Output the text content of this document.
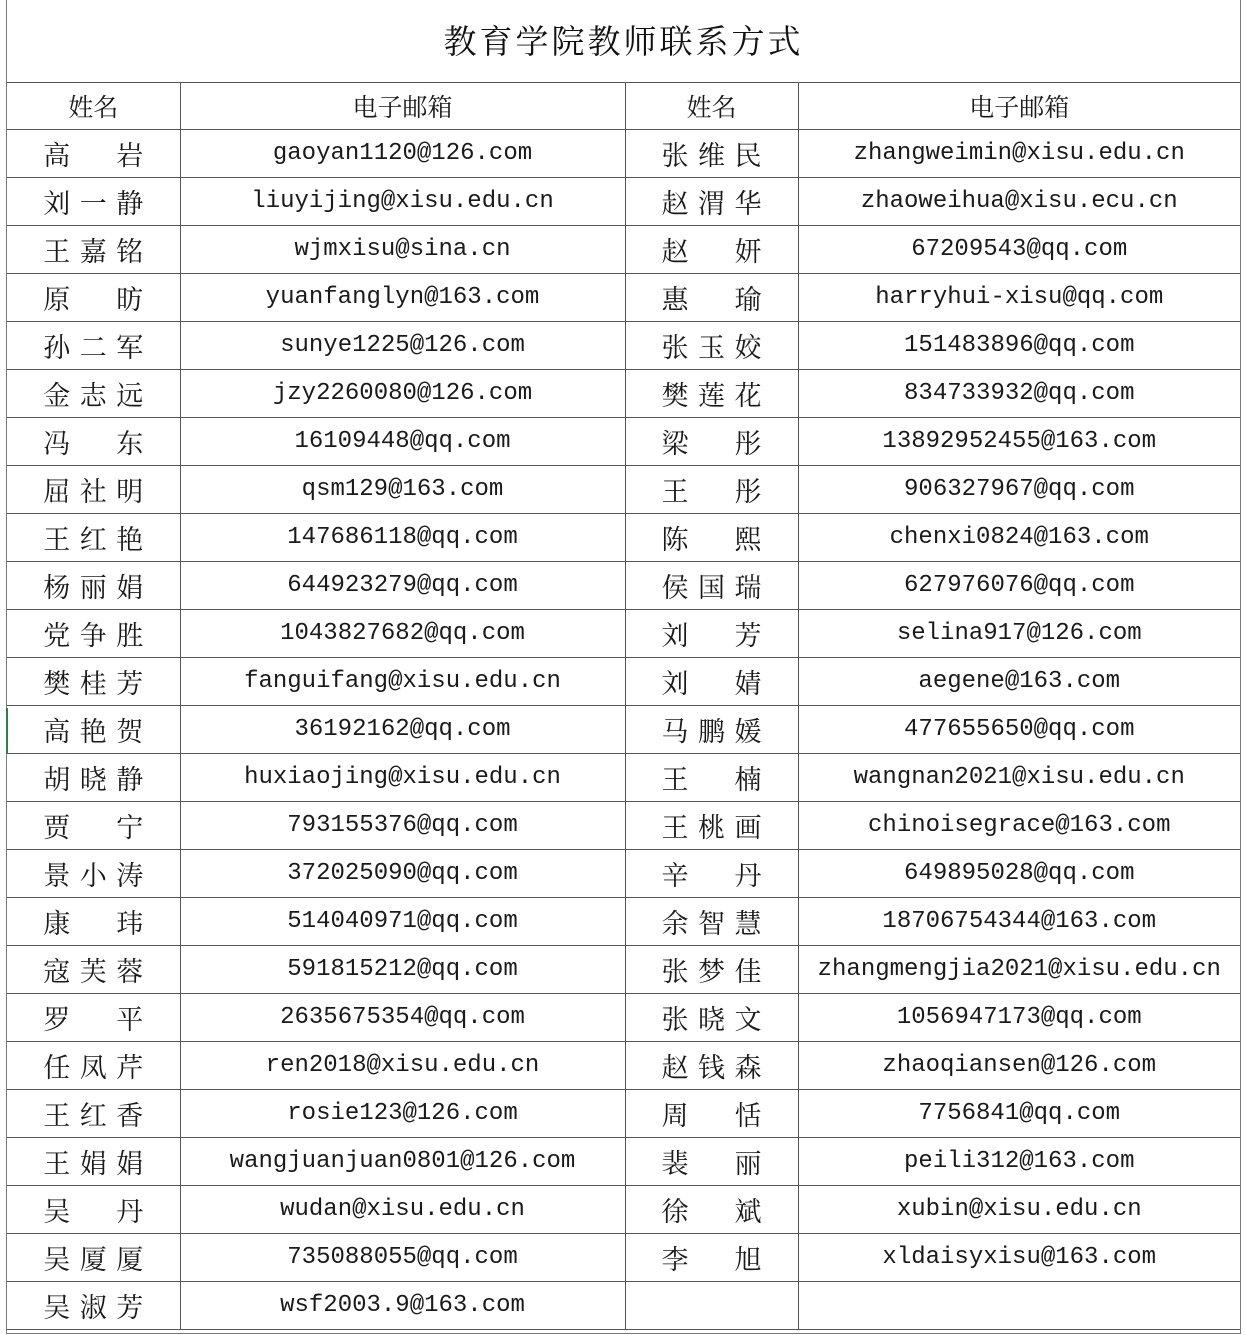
教育学院教师联系方式
姓名	电子邮箱	姓名	电子邮箱

高 岩	gaoyan1120@126.com	张 维 民	zhangweimin@xisu.edu.cn

刘 一 静	liuyijing@xisu.edu.cn	赵 渭 华	zhaoweihua@xisu.ecu.cn

王 嘉 铭	wjmxisu@sina.cn	赵 妍	67209543@qq.com

原 昉	yuanfanglyn@163.com	惠 瑜	harryhui-xisu@qq.com

孙 二 军	sunye1225@126.com	张 玉 姣	151483896@qq.com

金 志 远	jzy2260080@126.com	樊 莲 花	834733932@qq.com

冯 东	16109448@qq.com	梁 彤	13892952455@163.com

屈 社 明	qsm129@163.com	王 彤	906327967@qq.com

王 红 艳	147686118@qq.com	陈 熙	chenxi0824@163.com

杨 丽 娟	644923279@qq.com	侯 国 瑞	627976076@qq.com

党 争 胜	1043827682@qq.com	刘 芳	selina917@126.com

樊 桂 芳	fanguifang@xisu.edu.cn	刘 婧	aegene@163.com

高 艳 贺	36192162@qq.com	马 鹏 媛	477655650@qq.com

胡 晓 静	huxiaojing@xisu.edu.cn	王 楠	wangnan2021@xisu.edu.cn

贾 宁	793155376@qq.com	王 桃 画	chinoisegrace@163.com

景 小 涛	372025090@qq.com	辛 丹	649895028@qq.com

康 玮	514040971@qq.com	余 智 慧	18706754344@163.com

寇 芙 蓉	591815212@qq.com	张 梦 佳	zhangmengjia2021@xisu.edu.cn

罗 平	2635675354@qq.com	张 晓 文	1056947173@qq.com

任 凤 芹	ren2018@xisu.edu.cn	赵 钱 森	zhaoqiansen@126.com

王 红 香	rosie123@126.com	周 恬	7756841@qq.com

王 娟 娟	wangjuanjuan0801@126.com	裴 丽	peili312@163.com

吴 丹	wudan@xisu.edu.cn	徐 斌	xubin@xisu.edu.cn

吴 厦 厦	735088055@qq.com	李 旭	xldaisyxisu@163.com

吴 淑 芳	wsf2003.9@163.com	
